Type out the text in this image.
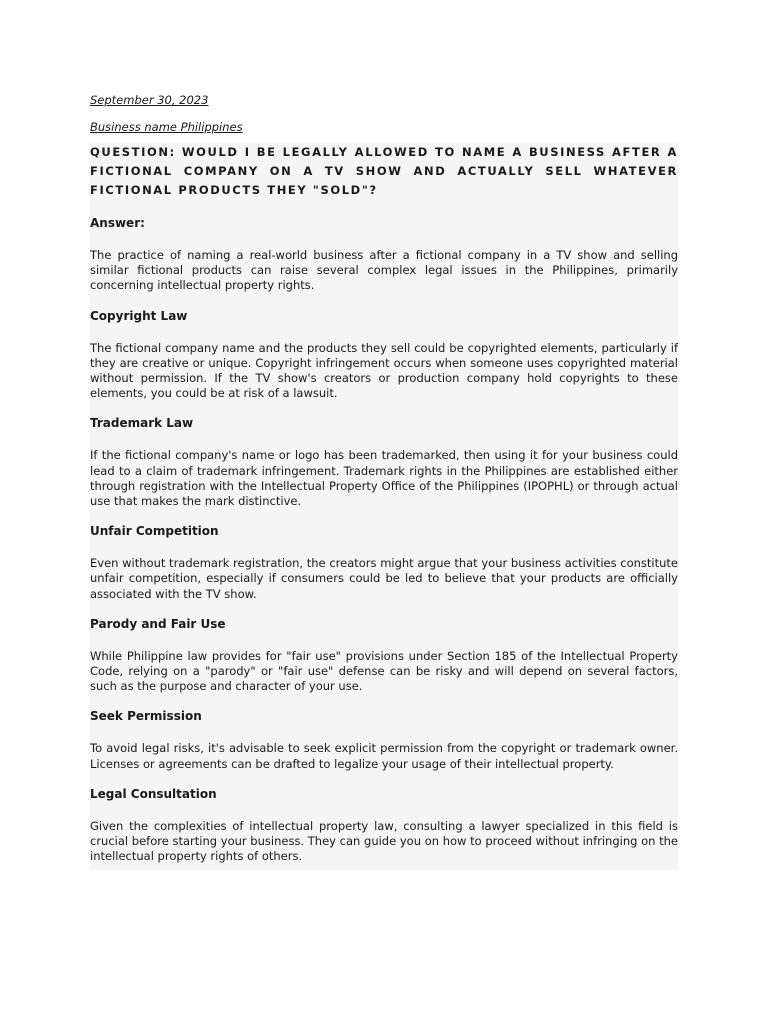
September 30, 2023

Business name Philippines

QUESTION: WOULD I BE LEGALLY ALLOWED TO NAME A BUSINESS AFTER A FICTIONAL COMPANY ON A TV SHOW AND ACTUALLY SELL WHATEVER FICTIONAL PRODUCTS THEY "SOLD"?

Answer:

The practice of naming a real-world business after a fictional company in a TV show and selling similar fictional products can raise several complex legal issues in the Philippines, primarily concerning intellectual property rights.

Copyright Law

The fictional company name and the products they sell could be copyrighted elements, particularly if they are creative or unique. Copyright infringement occurs when someone uses copyrighted material without permission. If the TV show's creators or production company hold copyrights to these elements, you could be at risk of a lawsuit.

Trademark Law

If the fictional company's name or logo has been trademarked, then using it for your business could lead to a claim of trademark infringement. Trademark rights in the Philippines are established either through registration with the Intellectual Property Office of the Philippines (IPOPHL) or through actual use that makes the mark distinctive.

Unfair Competition

Even without trademark registration, the creators might argue that your business activities constitute unfair competition, especially if consumers could be led to believe that your products are officially associated with the TV show.

Parody and Fair Use

While Philippine law provides for "fair use" provisions under Section 185 of the Intellectual Property Code, relying on a "parody" or "fair use" defense can be risky and will depend on several factors, such as the purpose and character of your use.

Seek Permission

To avoid legal risks, it's advisable to seek explicit permission from the copyright or trademark owner. Licenses or agreements can be drafted to legalize your usage of their intellectual property.

Legal Consultation

Given the complexities of intellectual property law, consulting a lawyer specialized in this field is crucial before starting your business. They can guide you on how to proceed without infringing on the intellectual property rights of others.
